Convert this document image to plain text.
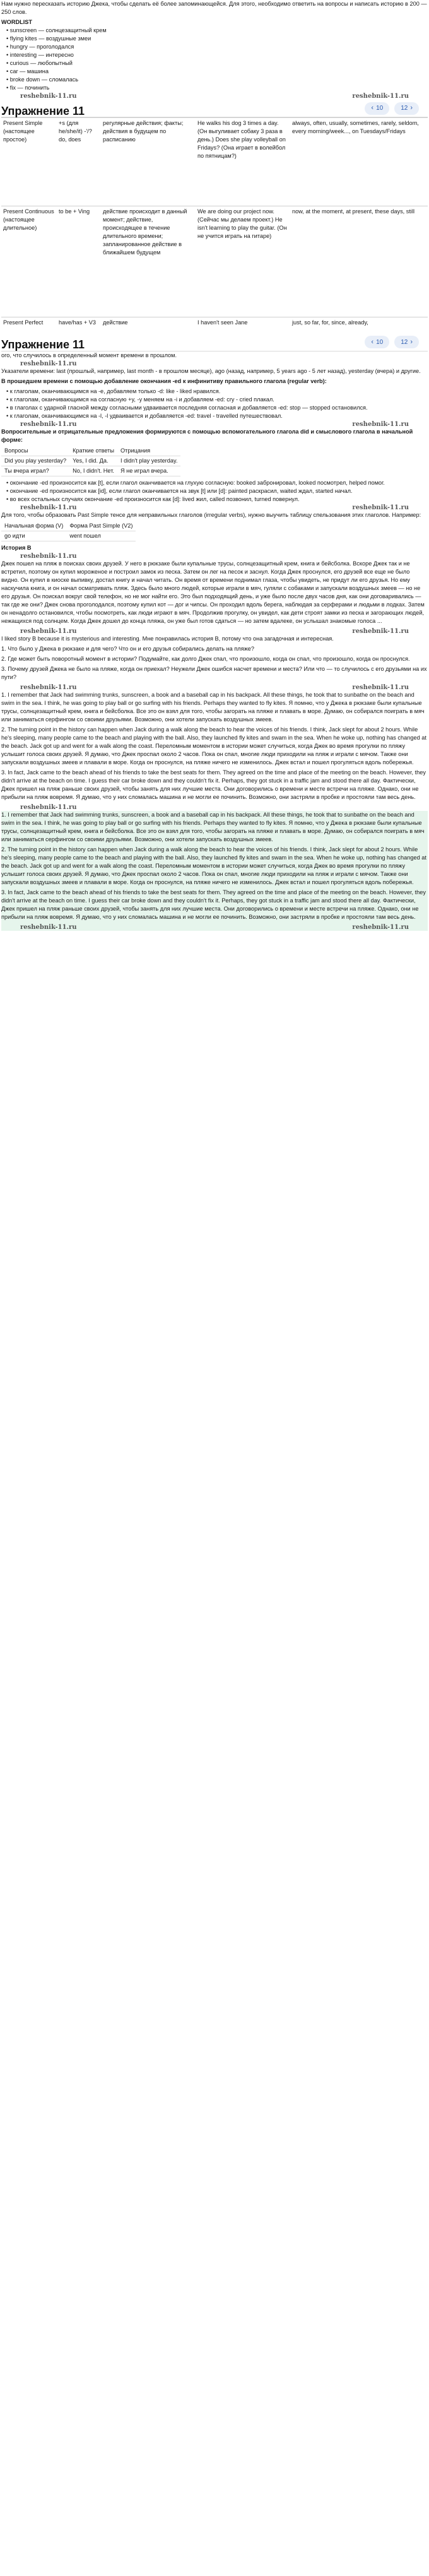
Нам нужно пересказать историю Джека, чтобы сделать её более запоминающейся. Для этого, необходимо ответить на вопросы и написать историю в 200 — 250 слов.

WORDLIST
• sunscreen — солнцезащитный крем
• flying kites — воздушные змеи
• hungry — проголодался
• interesting — интересно
• curious — любопытный
• car — машина
• broke down — сломалась
• fix — починить
reshebnik-11.ru	reshebnik-11.ru
Упражнение 11	‹ 10	12 ›
Present Simple (настоящее простое)	+s (для he/she/it) -'/? do, does	регулярные действия; факты; действия в будущем по расписанию	He walks his dog 3 times a day. (Он выгуливает собаку 3 раза в день.) Does she play volleyball on Fridays? (Она играет в волейбол по пятницам?)	always, often, usually, sometimes, rarely, seldom, every morning/week..., on Tuesdays/Fridays
Present Continuous (настоящее длительное)	to be + Ving	действие происходит в данный момент; действие, происходящее в течение длительного времени; запланированное действие в ближайшем будущем	We are doing our project now. (Сейчас мы делаем проект.) He isn't learning to play the guitar. (Он не учится играть на гитаре)	now, at the moment, at present, these days, still
Present Perfect	have/has + V3	действие	I haven't seen Jane	just, so far, for, since, already,
Упражнение 11	‹ 10	12 ›
ого, что случилось в определенный момент времени в прошлом.
reshebnik-11.ru

Указатели времени: last (прошлый, например, last month - в прошлом месяце), ago (назад, например, 5 years ago - 5 лет назад), yesterday (вчера) и другие.

В прошедшем времени с помощью добавление окончания -ed к инфинитиву правильного глагола (regular verb):

• к глаголам, оканчивающимся на -e, добавляем только -d: like - liked нравился.
• к глаголам, оканчивающимся на согласную +y, -y меняем на -i и добавляем -ed: cry - cried плакал.
• в глаголах с ударной гласной между согласными удваивается последняя согласная и добавляется -ed: stop — stopped остановился.
• к глаголам, оканчивающимся на -l, -l удваивается и добавляется -ed: travel - travelled путешествовал.
reshebnik-11.ru	reshebnik-11.ru

Вопросительные и отрицательные предложения формируются с помощью вспомогательного глагола did и смыслового глагола в начальной форме:

Вопросы	Краткие ответы	Отрицания
Did you play yesterday?	Yes, I did. Да.	I didn't play yesterday.
Ты вчера играл?	No, I didn't. Нет.	Я не играл вчера.
• окончание -ed произносится как [t], если глагол оканчивается на глухую согласную: booked забронировал, looked посмотрел, helped помог.
• окончание -ed произносится как [id], если глагол оканчивается на звук [t] или [d]: painted раскрасил, waited ждал, started начал.
• во всех остальных случаях окончание -ed произносится как [d]: lived жил, called позвонил, turned повернул.
reshebnik-11.ru	reshebnik-11.ru

Для того, чтобы образовать Past Simple тенсе для неправильных глаголов (irregular verbs), нужно выучить таблицу спельзования этих глаголов. Например:

Начальная форма (V)	Форма Past Simple (V2)
go идти	went пошел
История В
reshebnik-11.ru

Джек пошел на пляж в поисках своих друзей. У него в рюкзаке были купальные трусы, солнцезащитный крем, книга и бейсболка. Вскоре Джек так и не встретил, поэтому он купил мороженое и построил замок из песка. Затем он лег на песок и заснул. Когда Джек проснулся, его друзей все еще не было видно. Он купил в киоске выпивку, достал книгу и начал читать. Он время от времени поднимал глаза, чтобы увидеть, не придут ли его друзья. Но ему наскучила книга, и он начал осматривать пляж. Здесь было много людей, которые играли в мяч, гуляли с собаками и запускали воздушных змеев — но не его друзья. Он поискал вокруг свой телефон, но не мог найти его. Это был подходящий день, и уже было после двух часов дня, как они договаривались — так где же они? Джек снова проголодался, поэтому купил кот — дог и чипсы. Он проходил вдоль берега, наблюдая за серферами и людьми в лодках. Затем он ненадолго остановился, чтобы посмотреть, как люди играют в мяч. Продолжив прогулку, он увидел, как дети строят замки из песка и загорающих людей, нежащихся под солнцем. Когда Джек дошел до конца пляжа, он уже был готов сдаться — но затем вдалеке, он услышал знакомые голоса ...

reshebnik-11.ru	reshebnik-11.ru

I liked story B because it is mysterious and interesting. Мне понравилась история В, потому что она загадочная и интересная.

1. Что было у Джека в рюкзаке и для чего? Что он и его друзья собирались делать на пляже?

2. Где может быть поворотный момент в истории? Подумайте, как долго Джек спал, что произошло, когда он спал, что произошло, когда он проснулся.

3. Почему друзей Джека не было на пляже, когда он приехал? Неужели Джек ошибся насчет времени и места? Или что — то случилось с его друзьями на их пути?

reshebnik-11.ru	reshebnik-11.ru

1. I remember that Jack had swimming trunks, sunscreen, a book and a baseball cap in his backpack. All these things, he took that to sunbathe on the beach and swim in the sea. I think, he was going to play ball or go surfing with his friends. Perhaps they wanted to fly kites. Я помню, что у Джека в рюкзаке были купальные трусы, солнцезащитный крем, книга и бейсболка. Все это он взял для того, чтобы загорать на пляже и плавать в море. Думаю, он собирался поиграть в мяч или заниматься серфингом со своими друзьями. Возможно, они хотели запускать воздушных змеев.

2. The turning point in the history can happen when Jack during a walk along the beach to hear the voices of his friends. I think, Jack slept for about 2 hours. While he's sleeping, many people came to the beach and playing with the ball. Also, they launched fly kites and swam in the sea. When he woke up, nothing has changed at the beach. Jack got up and went for a walk along the coast. Переломным моментом в истории может случиться, когда Джек во время прогулки по пляжу услышит голоса своих друзей. Я думаю, что Джек проспал около 2 часов. Пока он спал, многие люди приходили на пляж и играли с мячом. Также они запускали воздушных змеев и плавали в море. Когда он проснулся, на пляже ничего не изменилось. Джек встал и пошел прогуляться вдоль побережья.

3. In fact, Jack came to the beach ahead of his friends to take the best seats for them. They agreed on the time and place of the meeting on the beach. However, they didn't arrive at the beach on time. I guess their car broke down and they couldn't fix it. Perhaps, they got stuck in a traffic jam and stood there all day. Фактически, Джек пришел на пляж раньше своих друзей, чтобы занять для них лучшие места. Они договорились о времени и месте встречи на пляже. Однако, они не прибыли на пляж вовремя. Я думаю, что у них сломалась машина и не могли ее починить. Возможно, они застряли в пробке и простояли там весь день.

reshebnik-11.ru

1. I remember that Jack had swimming trunks, sunscreen, a book and a baseball cap in his backpack. All these things, he took that to sunbathe on the beach and swim in the sea. I think, he was going to play ball or go surfing with his friends. Perhaps they wanted to fly kites. Я помню, что у Джека в рюкзаке были купальные трусы, солнцезащитный крем, книга и бейсболка. Все это он взял для того, чтобы загорать на пляже и плавать в море. Думаю, он собирался поиграть в мяч или заниматься серфингом со своими друзьями. Возможно, они хотели запускать воздушных змеев.

2. The turning point in the history can happen when Jack during a walk along the beach to hear the voices of his friends. I think, Jack slept for about 2 hours. While he's sleeping, many people came to the beach and playing with the ball. Also, they launched fly kites and swam in the sea. When he woke up, nothing has changed at the beach. Jack got up and went for a walk along the coast. Переломным моментом в истории может случиться, когда Джек во время прогулки по пляжу услышит голоса своих друзей. Я думаю, что Джек проспал около 2 часов. Пока он спал, многие люди приходили на пляж и играли с мячом. Также они запускали воздушных змеев и плавали в море. Когда он проснулся, на пляже ничего не изменилось. Джек встал и пошел прогуляться вдоль побережья.

3. In fact, Jack came to the beach ahead of his friends to take the best seats for them. They agreed on the time and place of the meeting on the beach. However, they didn't arrive at the beach on time. I guess their car broke down and they couldn't fix it. Perhaps, they got stuck in a traffic jam and stood there all day. Фактически, Джек пришел на пляж раньше своих друзей, чтобы занять для них лучшие места. Они договорились о времени и месте встречи на пляже. Однако, они не прибыли на пляж вовремя. Я думаю, что у них сломалась машина и не могли ее починить. Возможно, они застряли в пробке и простояли там весь день.

reshebnik-11.ru	reshebnik-11.ru
